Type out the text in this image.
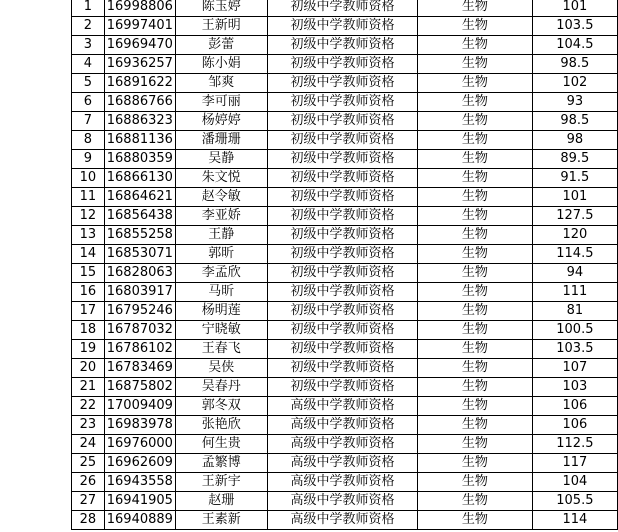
1	16998806	陈玉婷	初级中学教师资格	生物	101
2	16997401	王新明	初级中学教师资格	生物	103.5
3	16969470	彭蕾	初级中学教师资格	生物	104.5
4	16936257	陈小娟	初级中学教师资格	生物	98.5
5	16891622	邹爽	初级中学教师资格	生物	102
6	16886766	李可丽	初级中学教师资格	生物	93
7	16886323	杨婷婷	初级中学教师资格	生物	98.5
8	16881136	潘珊珊	初级中学教师资格	生物	98
9	16880359	吴静	初级中学教师资格	生物	89.5
10	16866130	朱文悦	初级中学教师资格	生物	91.5
11	16864621	赵令敏	初级中学教师资格	生物	101
12	16856438	李亚娇	初级中学教师资格	生物	127.5
13	16855258	王静	初级中学教师资格	生物	120
14	16853071	郭昕	初级中学教师资格	生物	114.5
15	16828063	李孟欣	初级中学教师资格	生物	94
16	16803917	马昕	初级中学教师资格	生物	111
17	16795246	杨明莲	初级中学教师资格	生物	81
18	16787032	宁晓敏	初级中学教师资格	生物	100.5
19	16786102	王春飞	初级中学教师资格	生物	103.5
20	16783469	吴侠	初级中学教师资格	生物	107
21	16875802	吴春丹	初级中学教师资格	生物	103
22	17009409	郭冬双	高级中学教师资格	生物	106
23	16983978	张艳欣	高级中学教师资格	生物	106
24	16976000	何生贵	高级中学教师资格	生物	112.5
25	16962609	孟繁博	高级中学教师资格	生物	117
26	16943558	王新宇	高级中学教师资格	生物	104
27	16941905	赵珊	高级中学教师资格	生物	105.5
28	16940889	王素新	高级中学教师资格	生物	114
